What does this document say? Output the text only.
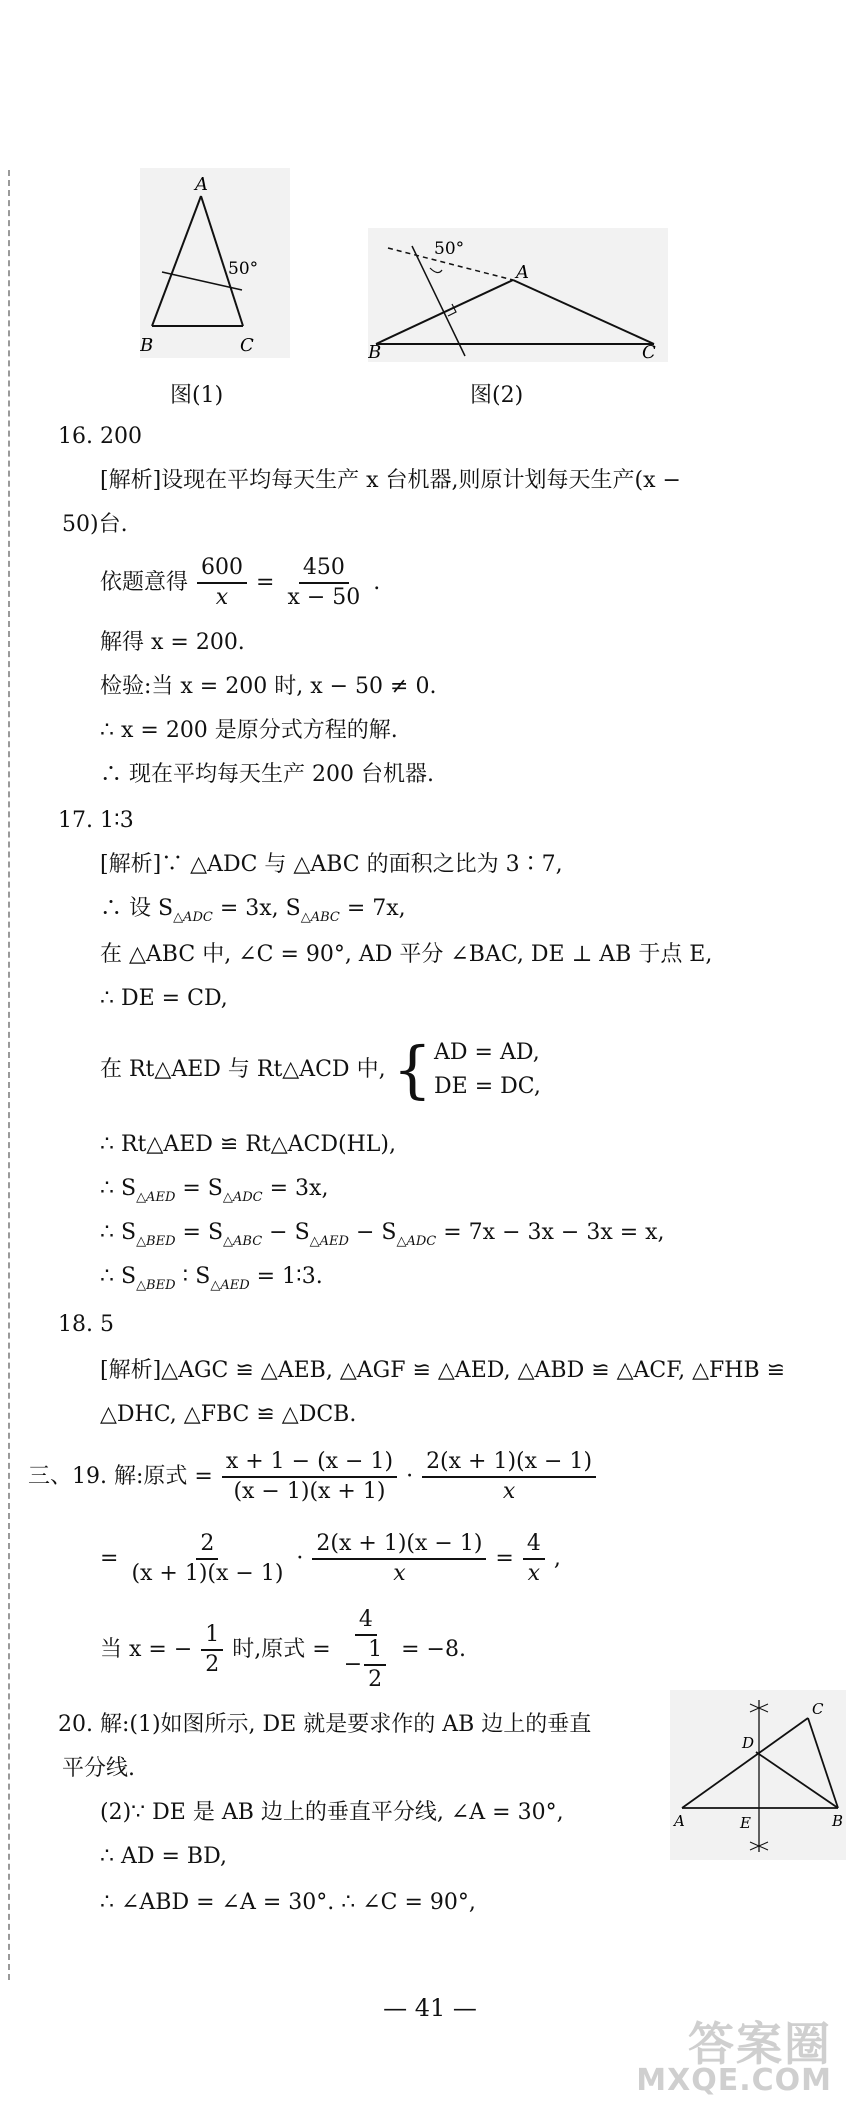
A
B	C
50°
图(1)
A
B	C
50°
图(2)
16. 200
[解析]设现在平均每天生产 x 台机器,则原计划每天生产(x −
50)台.
依题意得 $\frac{600}{x} = \frac{450}{x - 50}$ .
解得 x = 200.
检验:当 x = 200 时, x − 50 ≠ 0.
∴ x = 200 是原分式方程的解.
∴ 现在平均每天生产 200 台机器.
17. 1∶3
[解析]∵ △ADC 与 △ABC 的面积之比为 3∶7,
∴ 设 $S_{\triangle ADC} = 3x$, $S_{\triangle ABC} = 7x$,
在 △ABC 中, ∠C = 90°, AD 平分 ∠BAC, DE ⊥ AB 于点 E,
∴ DE = CD,
在 Rt△AED 与 Rt△ACD 中, { AD = AD,
DE = DC,
∴ Rt△AED ≌ Rt△ACD(HL),
∴ $S_{\triangle AED} = S_{\triangle ADC} = 3x$,
∴ $S_{\triangle BED} = S_{\triangle ABC} - S_{\triangle AED} - S_{\triangle ADC} = 7x - 3x - 3x = x$,
∴ $S_{\triangle BED}$ ∶ $S_{\triangle AED}$ = 1∶3.
18. 5
[解析]△AGC ≌ △AEB, △AGF ≌ △AED, △ABD ≌ △ACF, △FHB ≌
△DHC, △FBC ≌ △DCB.
三、19. 解:原式 = $\frac{x + 1 - (x - 1)}{(x - 1)(x + 1)} \cdot \frac{2(x + 1)(x - 1)}{x}$
= $\frac{2}{(x + 1)(x - 1)} \cdot \frac{2(x + 1)(x - 1)}{x} = \frac{4}{x}$ ,
当 x = − $\frac{1}{2}$ 时,原式 = $\frac{4}{- \frac{1}{2}} = -8$.
20. 解:(1)如图所示, DE 就是要求作的 AB 边上的垂直
平分线.
(2)∵ DE 是 AB 边上的垂直平分线, ∠A = 30°,
∴ AD = BD,
∴ ∠ABD = ∠A = 30°. ∴ ∠C = 90°,
A	B
C
D
E
— 41 —
答案圈
MXQE.COM
